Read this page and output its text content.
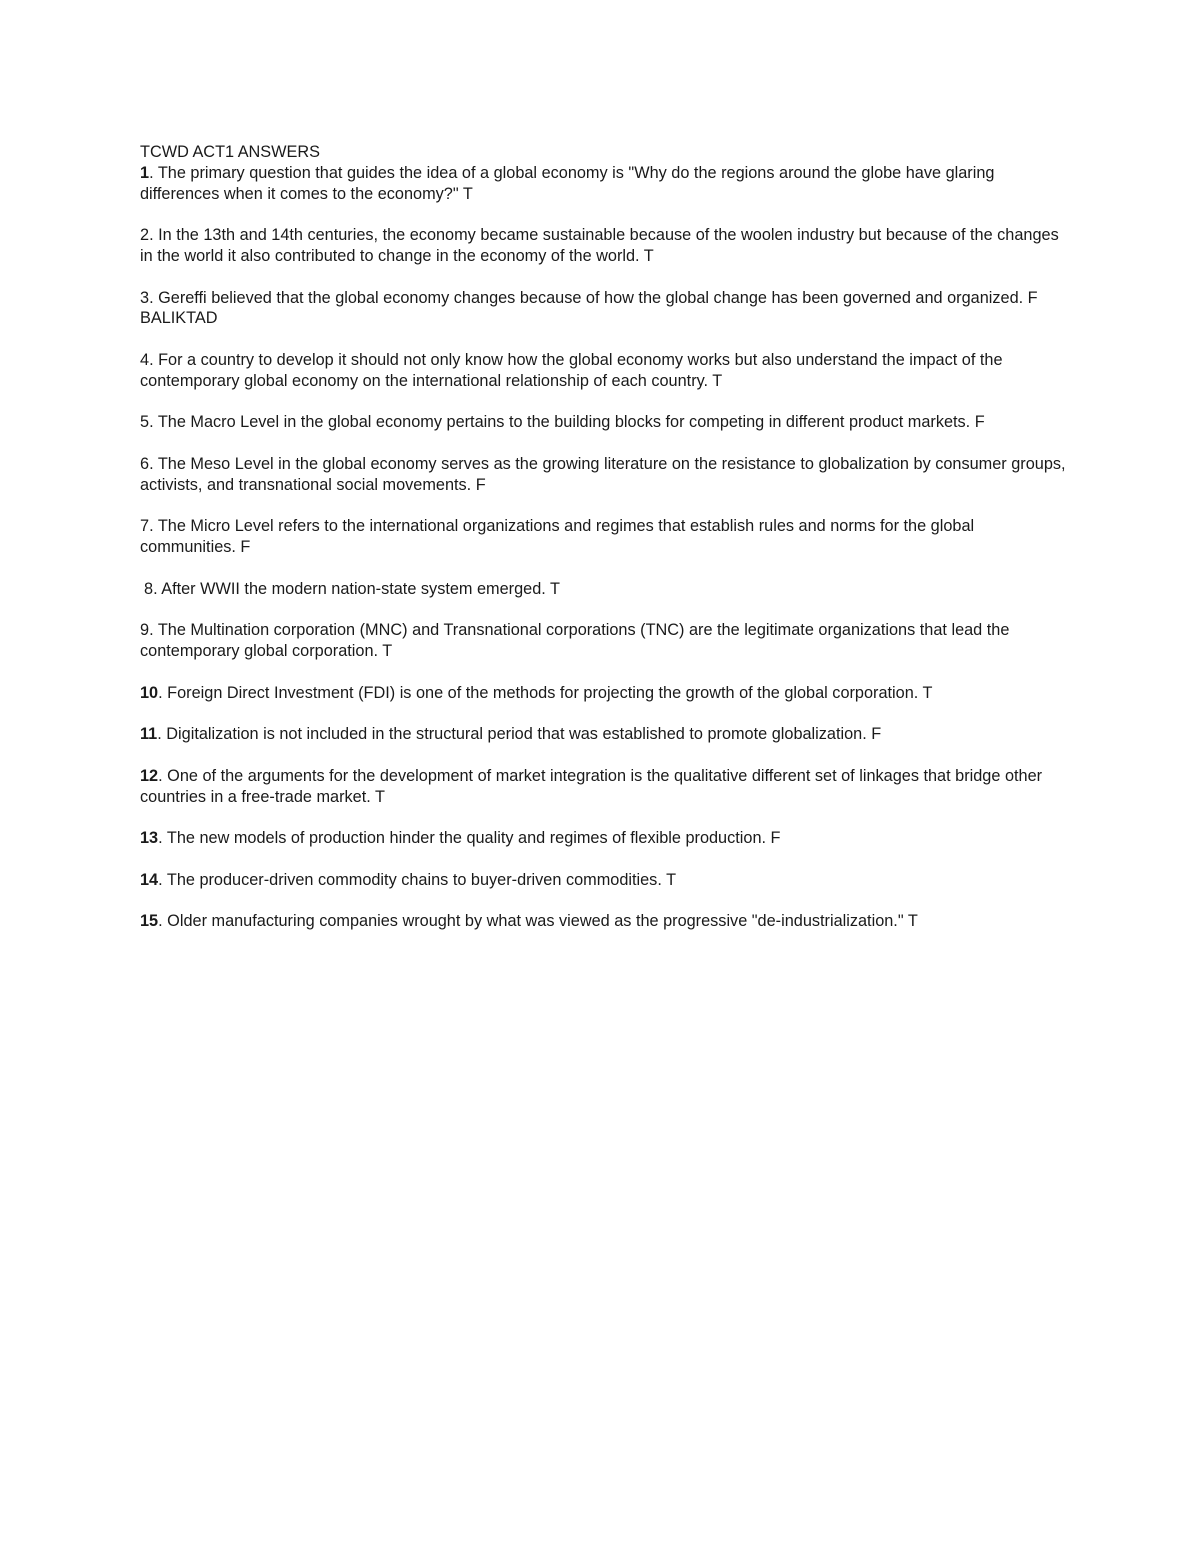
TCWD ACT1 ANSWERS

1. The primary question that guides the idea of a global economy is "Why do the regions around the globe have glaring differences when it comes to the economy?" T

2. In the 13th and 14th centuries, the economy became sustainable because of the woolen industry but because of the changes in the world it also contributed to change in the economy of the world. T

3. Gereffi believed that the global economy changes because of how the global change has been governed and organized. F BALIKTAD

4. For a country to develop it should not only know how the global economy works but also understand the impact of the contemporary global economy on the international relationship of each country. T

5. The Macro Level in the global economy pertains to the building blocks for competing in different product markets. F

6. The Meso Level in the global economy serves as the growing literature on the resistance to globalization by consumer groups, activists, and transnational social movements. F

7. The Micro Level refers to the international organizations and regimes that establish rules and norms for the global communities. F

8. After WWII the modern nation-state system emerged. T

9. The Multination corporation (MNC) and Transnational corporations (TNC) are the legitimate organizations that lead the contemporary global corporation. T

10. Foreign Direct Investment (FDI) is one of the methods for projecting the growth of the global corporation. T

11. Digitalization is not included in the structural period that was established to promote globalization. F

12. One of the arguments for the development of market integration is the qualitative different set of linkages that bridge other countries in a free-trade market. T

13. The new models of production hinder the quality and regimes of flexible production. F

14. The producer-driven commodity chains to buyer-driven commodities. T

15. Older manufacturing companies wrought by what was viewed as the progressive "de-industrialization." T
